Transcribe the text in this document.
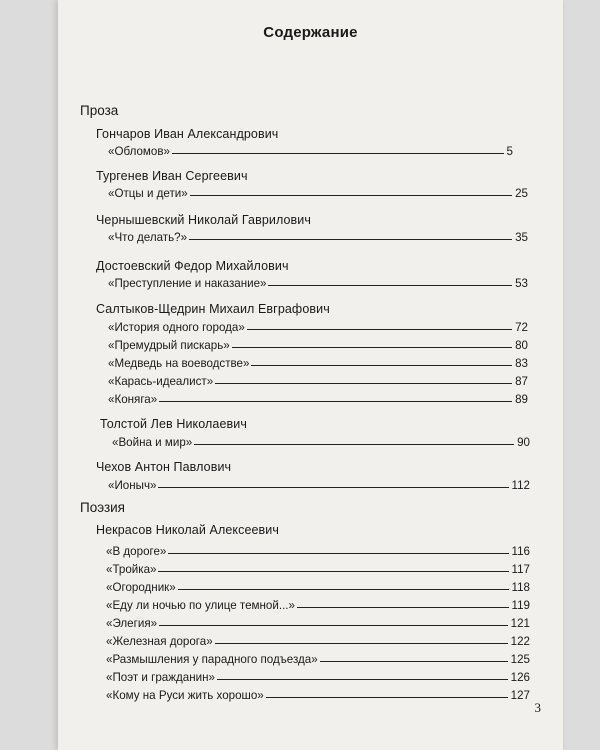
Содержание
Проза
Гончаров Иван Александрович
«Обломов»	5
Тургенев Иван Сергеевич
«Отцы и дети»	25
Чернышевский Николай Гаврилович
«Что делать?»	35
Достоевский Федор Михайлович
«Преступление и наказание»	53
Салтыков-Щедрин Михаил Евграфович
«История одного города»	72
«Премудрый пискарь»	80
«Медведь на воеводстве»	83
«Карась-идеалист»	87
«Коняга»	89
Толстой Лев Николаевич
«Война и мир»	90
Чехов Антон Павлович
«Ионыч»	112
Поэзия
Некрасов Николай Алексеевич
«В дороге»	116
«Тройка»	117
«Огородник»	118
«Еду ли ночью по улице темной...»	119
«Элегия»	121
«Железная дорога»	122
«Размышления у парадного подъезда»	125
«Поэт и гражданин»	126
«Кому на Руси жить хорошо»	127
3
